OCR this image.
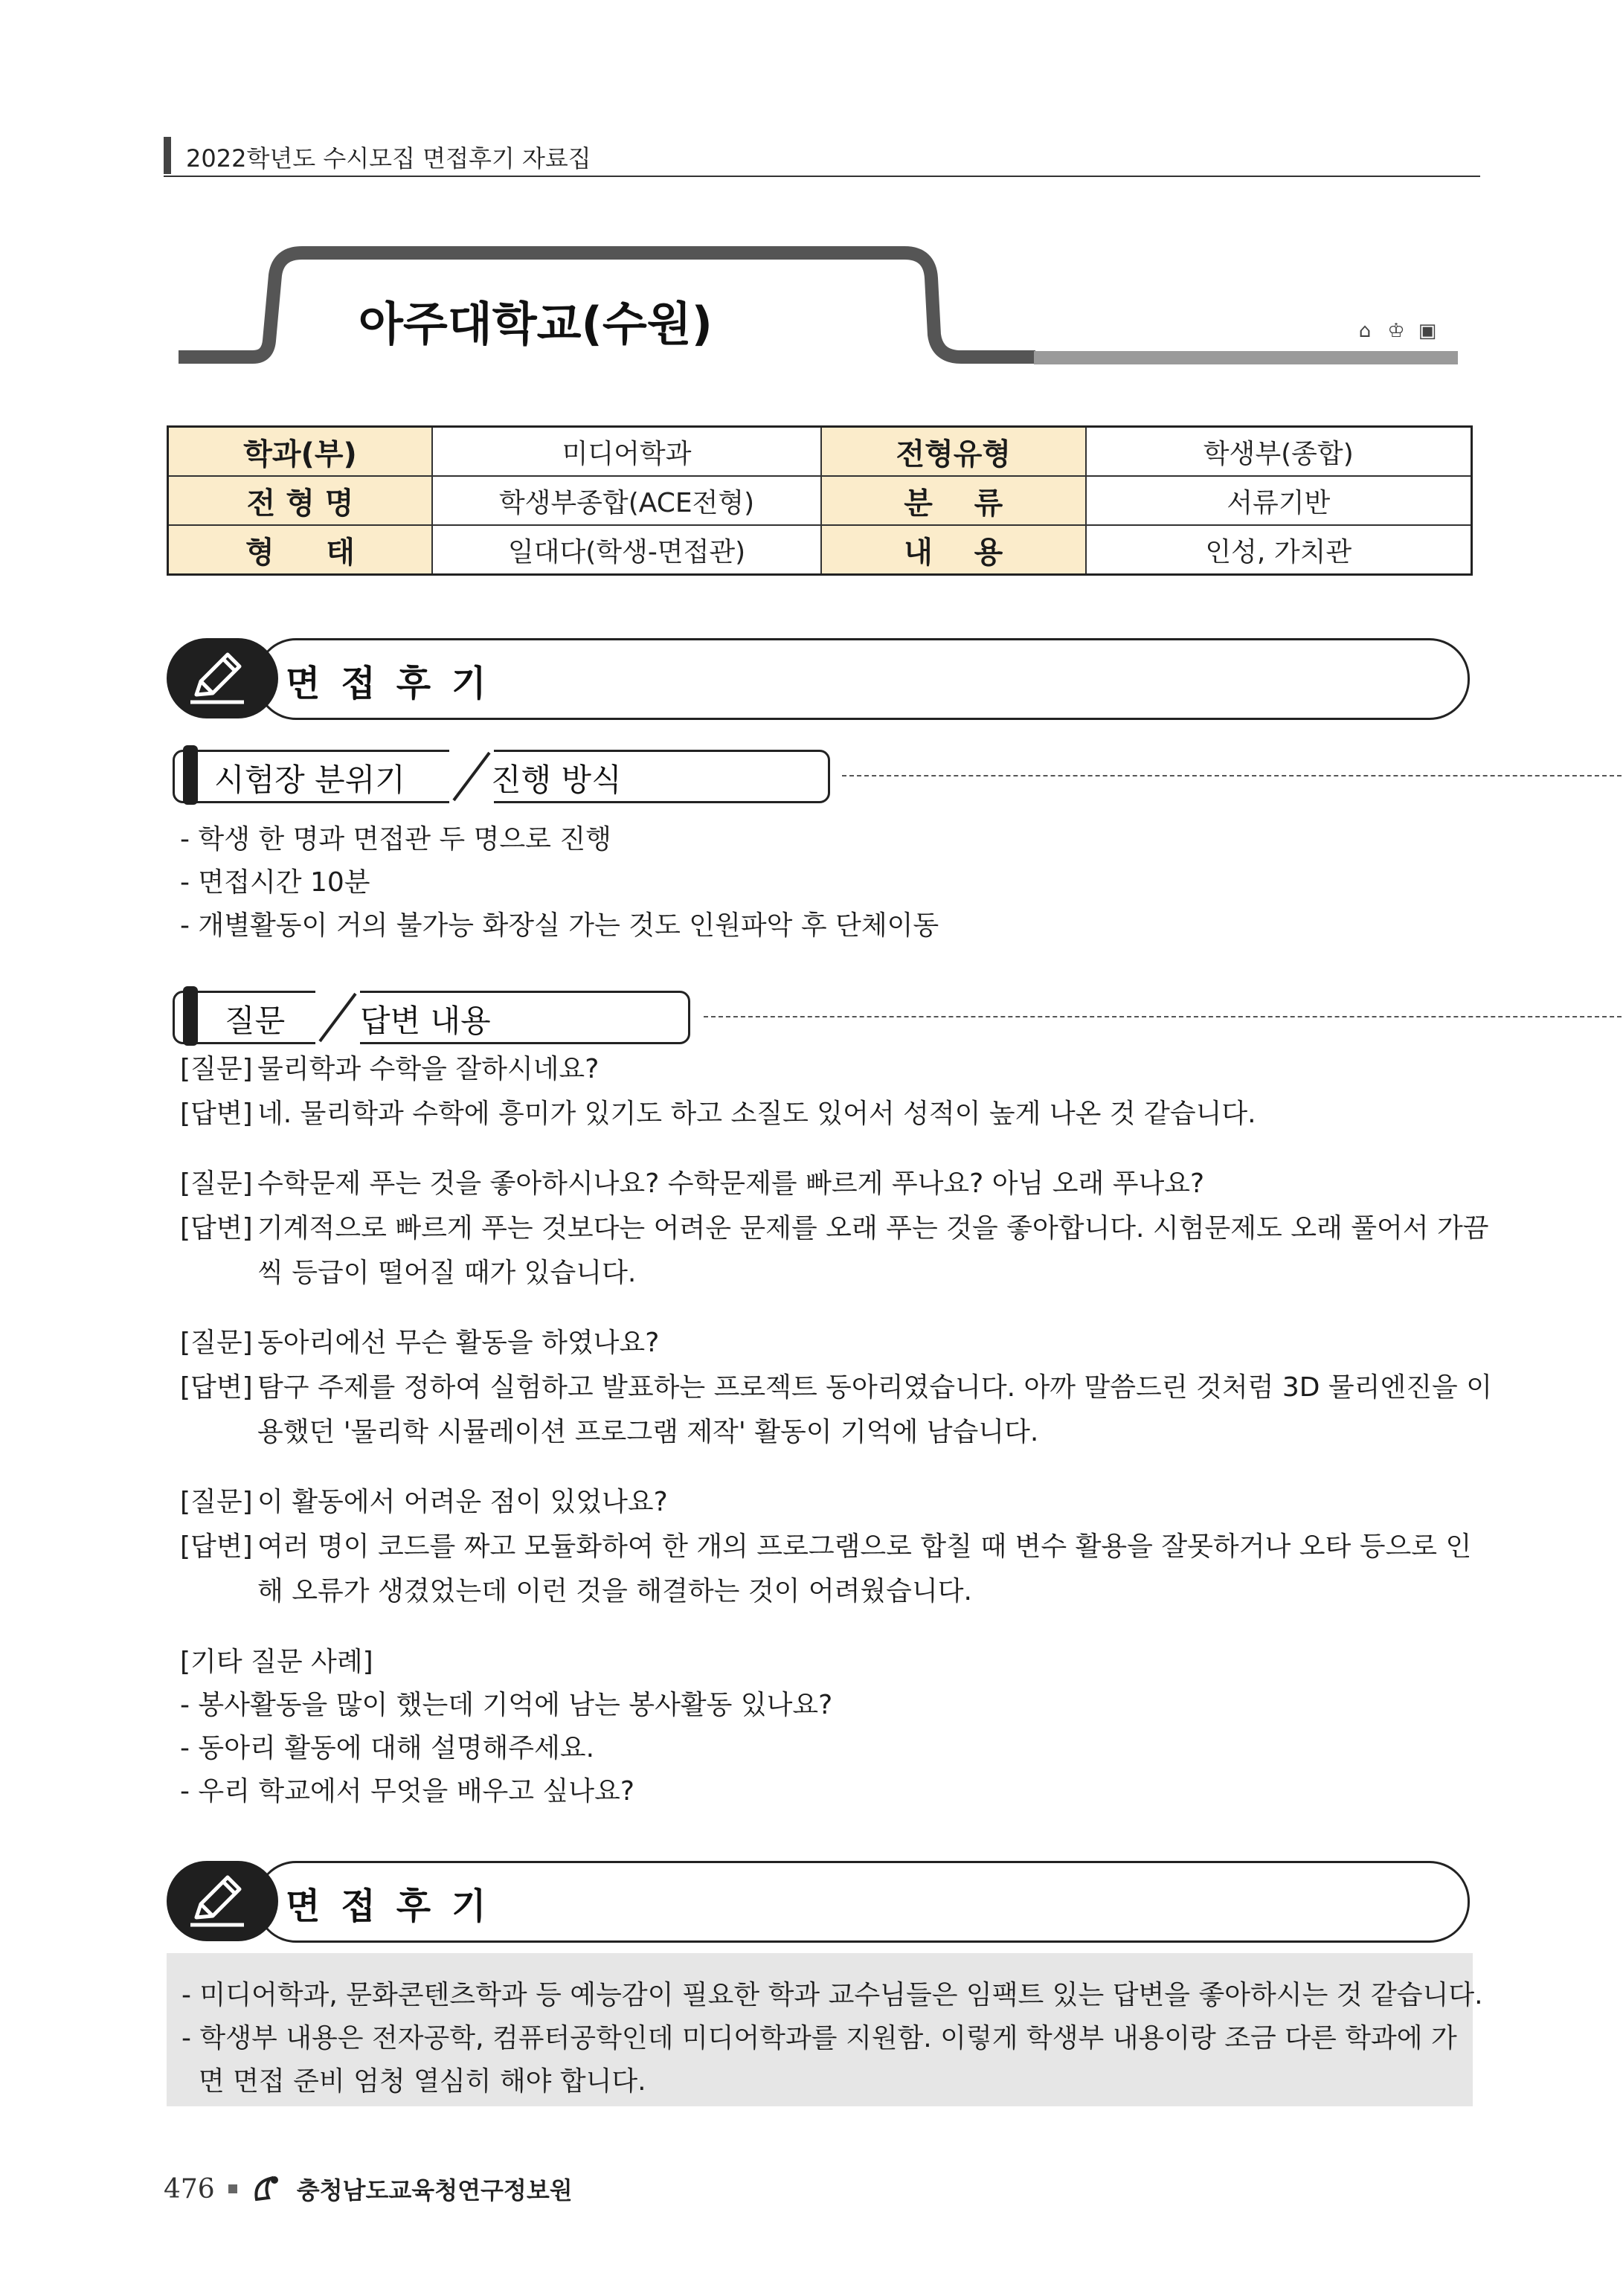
2022학년도 수시모집 면접후기 자료집
아주대학교(수원)	⌂ ♔ ▣
학과(부)	미디어학과	전형유형	학생부(종합)
전 형 명	학생부종합(ACE전형)	분    류	서류기반
형     태	일대다(학생-면접관)	내    용	인성, 가치관
면접후기
시험장 분위기	진행 방식
- 학생 한 명과 면접관 두 명으로 진행
- 면접시간 10분
- 개별활동이 거의 불가능 화장실 가는 것도 인원파악 후 단체이동
질문 답변 내용
[질문] 물리학과 수학을 잘하시네요?
[답변] 네. 물리학과 수학에 흥미가 있기도 하고 소질도 있어서 성적이 높게 나온 것 같습니다.
[질문] 수학문제 푸는 것을 좋아하시나요? 수학문제를 빠르게 푸나요? 아님 오래 푸나요?
[답변] 기계적으로 빠르게 푸는 것보다는 어려운 문제를 오래 푸는 것을 좋아합니다. 시험문제도 오래 풀어서 가끔
씩 등급이 떨어질 때가 있습니다.
[질문] 동아리에선 무슨 활동을 하였나요?
[답변] 탐구 주제를 정하여 실험하고 발표하는 프로젝트 동아리였습니다. 아까 말씀드린 것처럼 3D 물리엔진을 이
용했던 '물리학 시뮬레이션 프로그램 제작' 활동이 기억에 남습니다.
[질문] 이 활동에서 어려운 점이 있었나요?
[답변] 여러 명이 코드를 짜고 모듈화하여 한 개의 프로그램으로 합칠 때 변수 활용을 잘못하거나 오타 등으로 인
해 오류가 생겼었는데 이런 것을 해결하는 것이 어려웠습니다.
[기타 질문 사례]
- 봉사활동을 많이 했는데 기억에 남는 봉사활동 있나요?
- 동아리 활동에 대해 설명해주세요.
- 우리 학교에서 무엇을 배우고 싶나요?
면접후기
- 미디어학과, 문화콘텐츠학과 등 예능감이 필요한 학과 교수님들은 임팩트 있는 답변을 좋아하시는 것 같습니다.
- 학생부 내용은 전자공학, 컴퓨터공학인데 미디어학과를 지원함. 이렇게 학생부 내용이랑 조금 다른 학과에 가
면 면접 준비 엄청 열심히 해야 합니다.
476	충청남도교육청연구정보원
